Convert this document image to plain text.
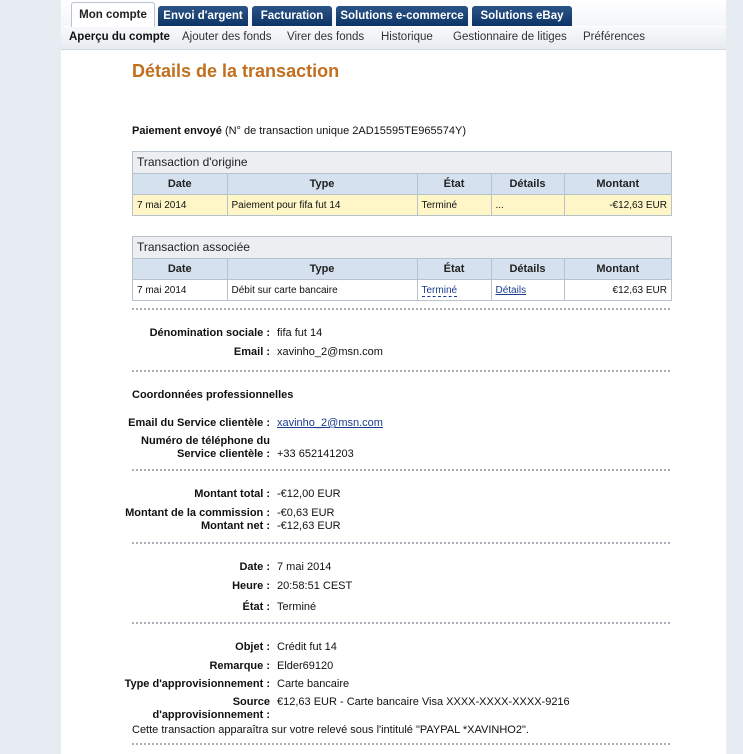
Mon compte	Envoi d'argent	Facturation	Solutions e-commerce	Solutions eBay
Aperçu du compte Ajouter des fonds Virer des fonds Historique Gestionnaire de litiges Préférences
Détails de la transaction
Paiement envoyé (N° de transaction unique 2AD15595TE965574Y)
Transaction d'origine
Date	Type	État	Détails	Montant
7 mai 2014	Paiement pour fifa fut 14	Terminé	...	-€12,63 EUR
Transaction associée
Date	Type	État	Détails	Montant
7 mai 2014	Débit sur carte bancaire	Terminé	Détails	€12,63 EUR
Dénomination sociale : fifa fut 14
Email : xavinho_2@msn.com
Coordonnées professionnelles
Email du Service clientèle : xavinho_2@msn.com
Numéro de téléphone du
Service clientèle : +33 652141203
Montant total : -€12,00 EUR
Montant de la commission : -€0,63 EUR
Montant net : -€12,63 EUR
Date : 7 mai 2014
Heure : 20:58:51 CEST
État : Terminé
Objet : Crédit fut 14
Remarque : Elder69120
Type d'approvisionnement : Carte bancaire
Source
d'approvisionnement :
€12,63 EUR - Carte bancaire Visa XXXX-XXXX-XXXX-9216
Cette transaction apparaîtra sur votre relevé sous l'intitulé "PAYPAL *XAVINHO2".
